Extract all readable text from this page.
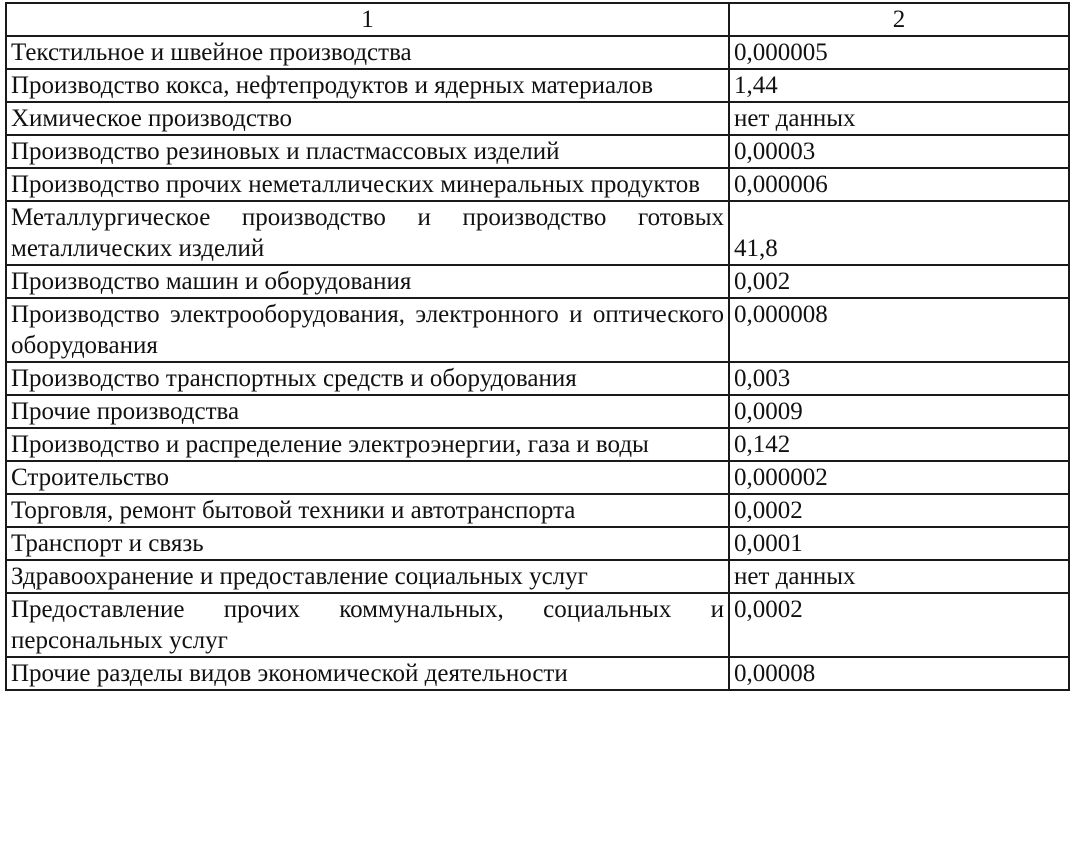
1	2
Текстильное и швейное производства	0,000005
Производство кокса, нефтепродуктов и ядерных материалов	1,44
Химическое производство	нет данных
Производство резиновых и пластмассовых изделий	0,00003
Производство прочих неметаллических минеральных продуктов	0,000006
Металлургическое производство и производство готовых металлических изделий	41,8
Производство машин и оборудования	0,002
Производство электрооборудования, электронного и оптического оборудования	0,000008
Производство транспортных средств и оборудования	0,003
Прочие производства	0,0009
Производство и распределение электроэнергии, газа и воды	0,142
Строительство	0,000002
Торговля, ремонт бытовой техники и автотранспорта	0,0002
Транспорт и связь	0,0001
Здравоохранение и предоставление социальных услуг	нет данных
Предоставление прочих коммунальных, социальных и персональных услуг	0,0002
Прочие разделы видов экономической деятельности	0,00008
